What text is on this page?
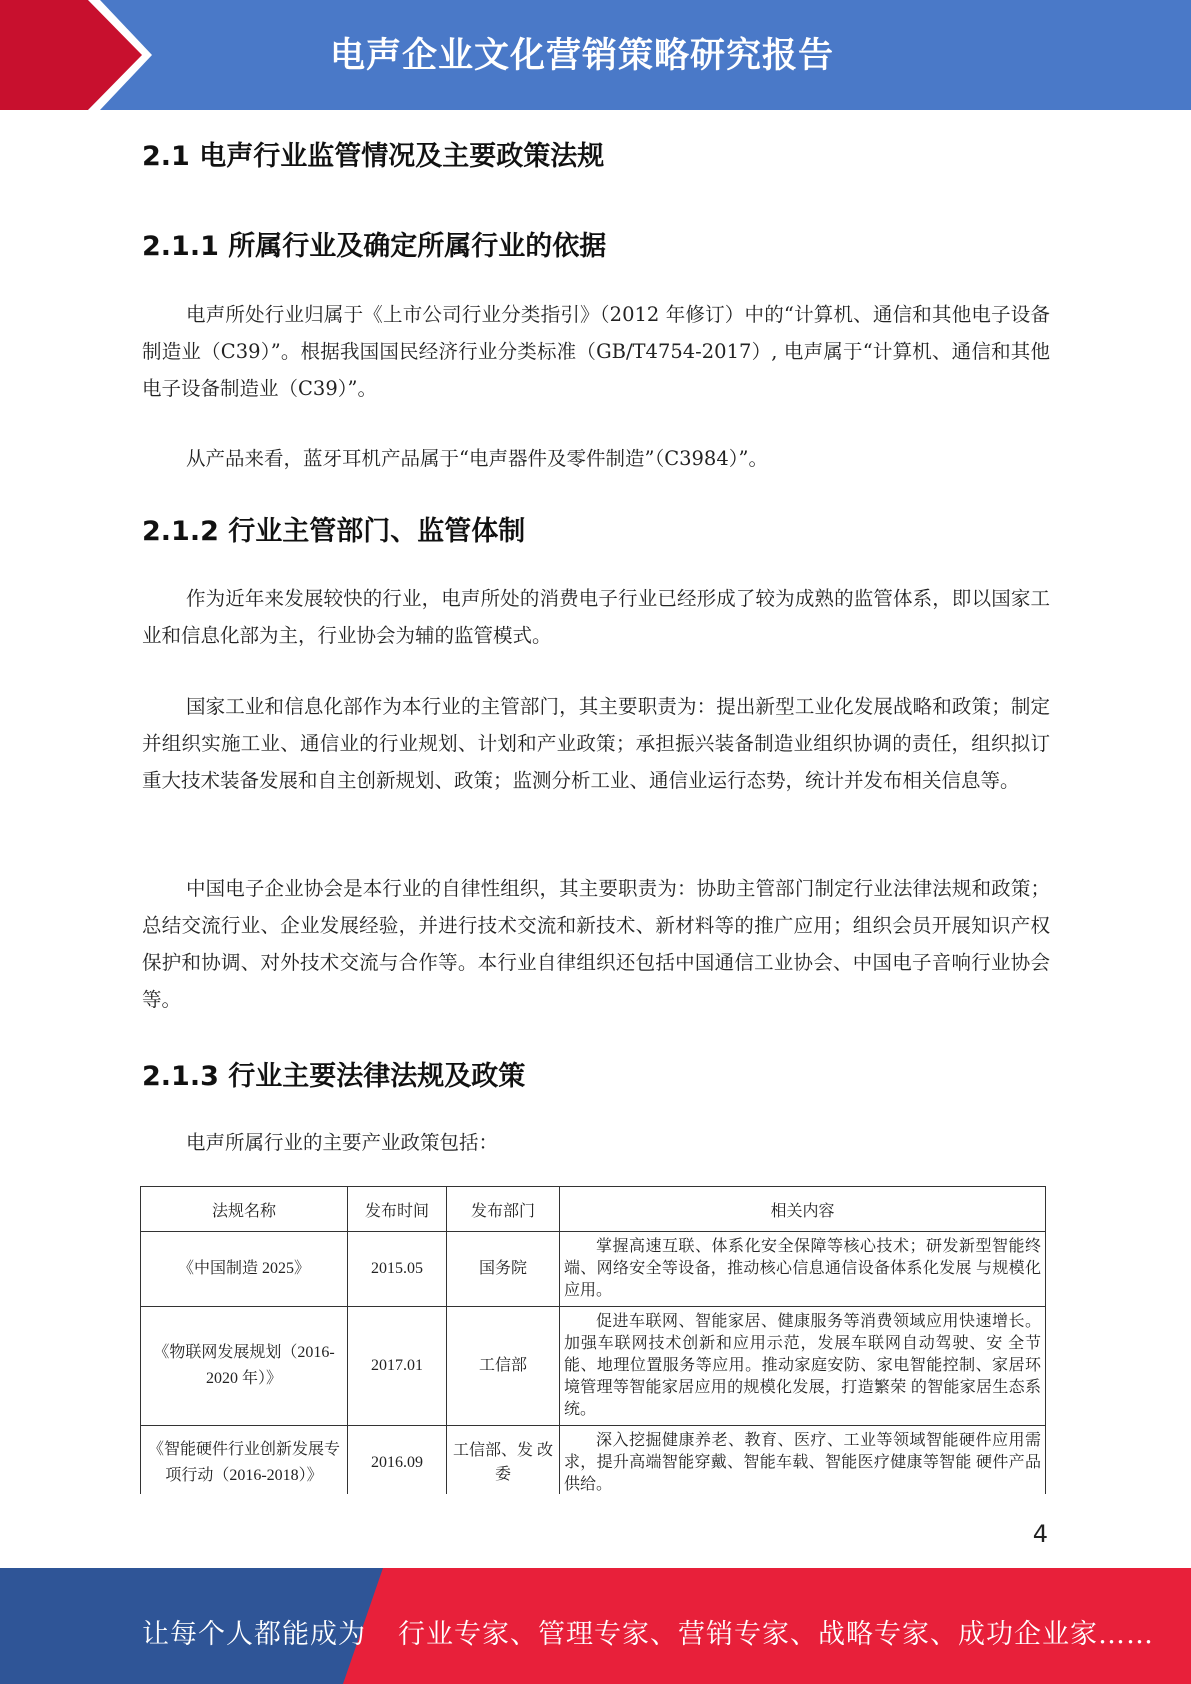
电声企业文化营销策略研究报告
2.1 电声行业监管情况及主要政策法规
2.1.1 所属行业及确定所属行业的依据
电声所处行业归属于《上市公司行业分类指引》（2012 年修订）中的“计算机、通信和其他电子设备制造业（C39）”。根据我国国民经济行业分类标准（GB/T4754-2017）, 电声属于“计算机、通信和其他电子设备制造业（C39）”。
从产品来看，蓝牙耳机产品属于“电声器件及零件制造”（C3984）”。
2.1.2 行业主管部门、监管体制
作为近年来发展较快的行业，电声所处的消费电子行业已经形成了较为成熟的监管体系，即以国家工业和信息化部为主，行业协会为辅的监管模式。
国家工业和信息化部作为本行业的主管部门，其主要职责为：提出新型工业化发展战略和政策；制定并组织实施工业、通信业的行业规划、计划和产业政策；承担振兴装备制造业组织协调的责任，组织拟订重大技术装备发展和自主创新规划、政策；监测分析工业、通信业运行态势，统计并发布相关信息等。
中国电子企业协会是本行业的自律性组织，其主要职责为：协助主管部门制定行业法律法规和政策；总结交流行业、企业发展经验，并进行技术交流和新技术、新材料等的推广应用；组织会员开展知识产权保护和协调、对外技术交流与合作等。本行业自律组织还包括中国通信工业协会、中国电子音响行业协会等。
2.1.3 行业主要法律法规及政策
电声所属行业的主要产业政策包括：
法规名称	发布时间	发布部门	相关内容
《中国制造 2025》	2015.05	国务院	掌握高速互联、体系化安全保障等核心技术；研发新型智能终端、网络安全等设备，推动核心信息通信设备体系化发展 与规模化应用。
《物联网发展规划（2016-2020 年）》	2017.01	工信部	促进车联网、智能家居、健康服务等消费领域应用快速增长。 加强车联网技术创新和应用示范，发展车联网自动驾驶、安 全节能、地理位置服务等应用。推动家庭安防、家电智能控制、家居环境管理等智能家居应用的规模化发展，打造繁荣 的智能家居生态系统。
《智能硬件行业创新发展专项行动（2016-2018）》	2016.09	工信部、发 改委	深入挖掘健康养老、教育、医疗、工业等领域智能硬件应用需求，提升高端智能穿戴、智能车载、智能医疗健康等智能 硬件产品供给。
4
让每个人都能成为 行业专家、管理专家、营销专家、战略专家、成功企业家……
